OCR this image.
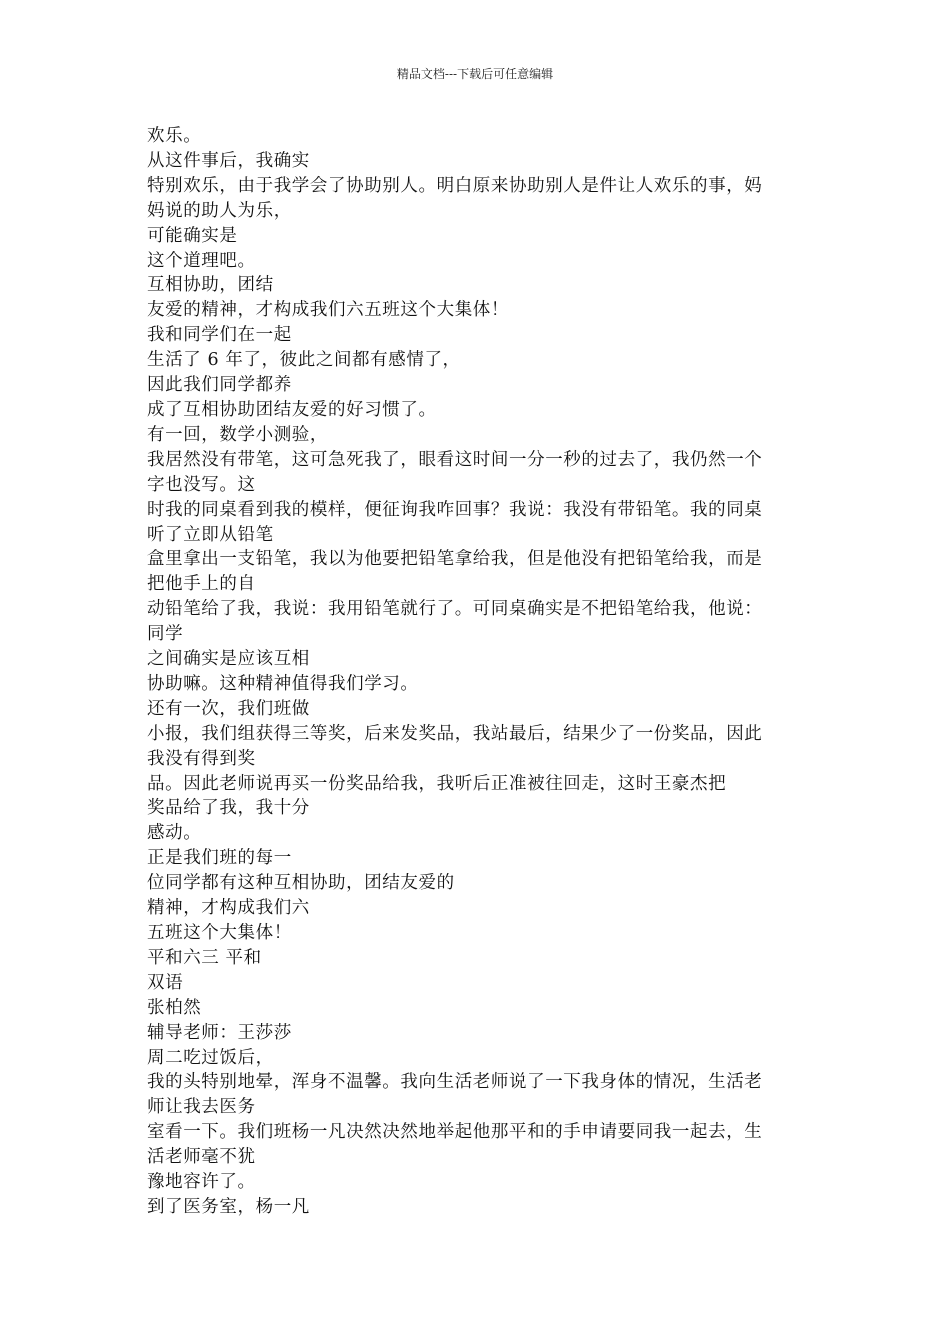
精品文档---下载后可任意编辑
欢乐。
从这件事后，我确实
特别欢乐，由于我学会了协助别人。明白原来协助别人是件让人欢乐的事，妈
妈说的助人为乐，
可能确实是
这个道理吧。
互相协助，团结
友爱的精神，才构成我们六五班这个大集体！
我和同学们在一起
生活了 6 年了，彼此之间都有感情了，
因此我们同学都养
成了互相协助团结友爱的好习惯了。
有一回，数学小测验，
我居然没有带笔，这可急死我了，眼看这时间一分一秒的过去了，我仍然一个
字也没写。这
时我的同桌看到我的模样，便征询我咋回事？我说：我没有带铅笔。我的同桌
听了立即从铅笔
盒里拿出一支铅笔，我以为他要把铅笔拿给我，但是他没有把铅笔给我，而是
把他手上的自
动铅笔给了我，我说：我用铅笔就行了。可同桌确实是不把铅笔给我，他说：
同学
之间确实是应该互相
协助嘛。这种精神值得我们学习。
还有一次，我们班做
小报，我们组获得三等奖，后来发奖品，我站最后，结果少了一份奖品，因此
我没有得到奖
品。因此老师说再买一份奖品给我，我听后正准被往回走，这时王豪杰把
奖品给了我，我十分
感动。
正是我们班的每一
位同学都有这种互相协助，团结友爱的
精神，才构成我们六
五班这个大集体！
平和六三 平和
双语
张柏然
辅导老师：王莎莎
周二吃过饭后，
我的头特别地晕，浑身不温馨。我向生活老师说了一下我身体的情况，生活老
师让我去医务
室看一下。我们班杨一凡决然决然地举起他那平和的手申请要同我一起去，生
活老师毫不犹
豫地容许了。
到了医务室，杨一凡
